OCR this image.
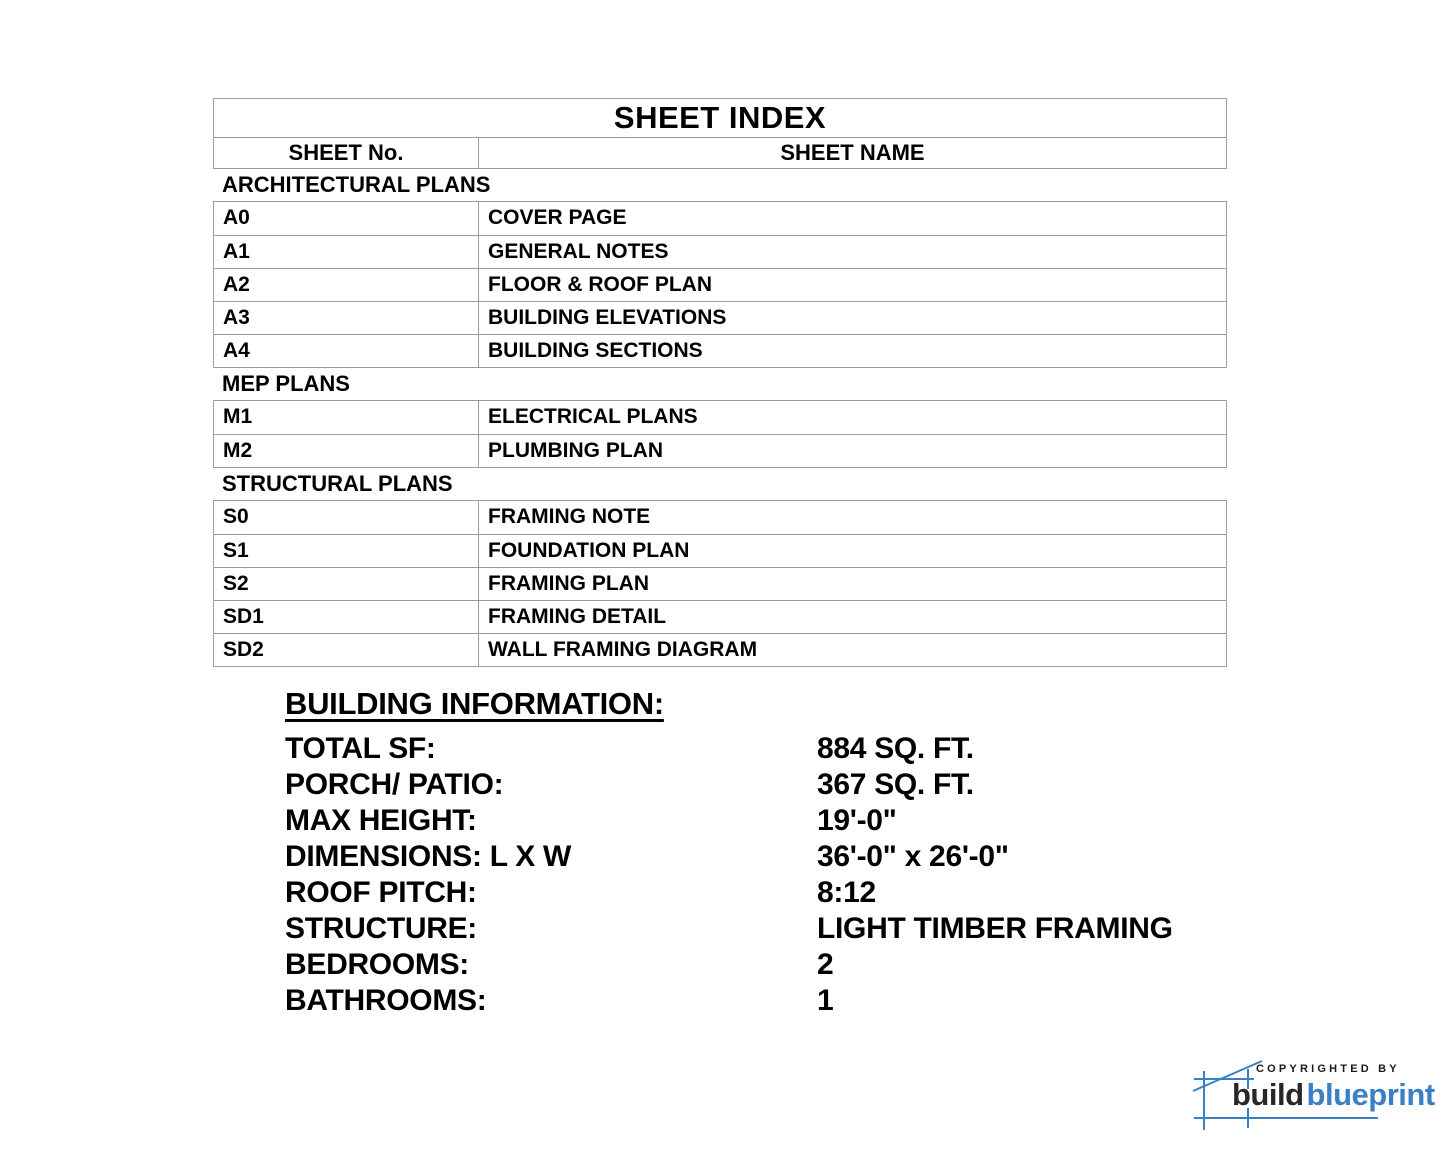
SHEET INDEX
SHEET No.	SHEET NAME
ARCHITECTURAL PLANS
A0	COVER PAGE
A1	GENERAL NOTES
A2	FLOOR & ROOF PLAN
A3	BUILDING ELEVATIONS
A4	BUILDING SECTIONS
MEP PLANS
M1	ELECTRICAL PLANS
M2	PLUMBING PLAN
STRUCTURAL PLANS
S0	FRAMING NOTE
S1	FOUNDATION PLAN
S2	FRAMING PLAN
SD1	FRAMING DETAIL
SD2	WALL FRAMING DIAGRAM
BUILDING INFORMATION:
TOTAL SF:	884 SQ. FT.
PORCH/ PATIO:	367 SQ. FT.
MAX HEIGHT:	19'-0"
DIMENSIONS: L X W	36'-0" x 26'-0"
ROOF PITCH:	8:12
STRUCTURE:	LIGHT TIMBER FRAMING
BEDROOMS:	2
BATHROOMS:	1
COPYRIGHTED BY
buildblueprint
